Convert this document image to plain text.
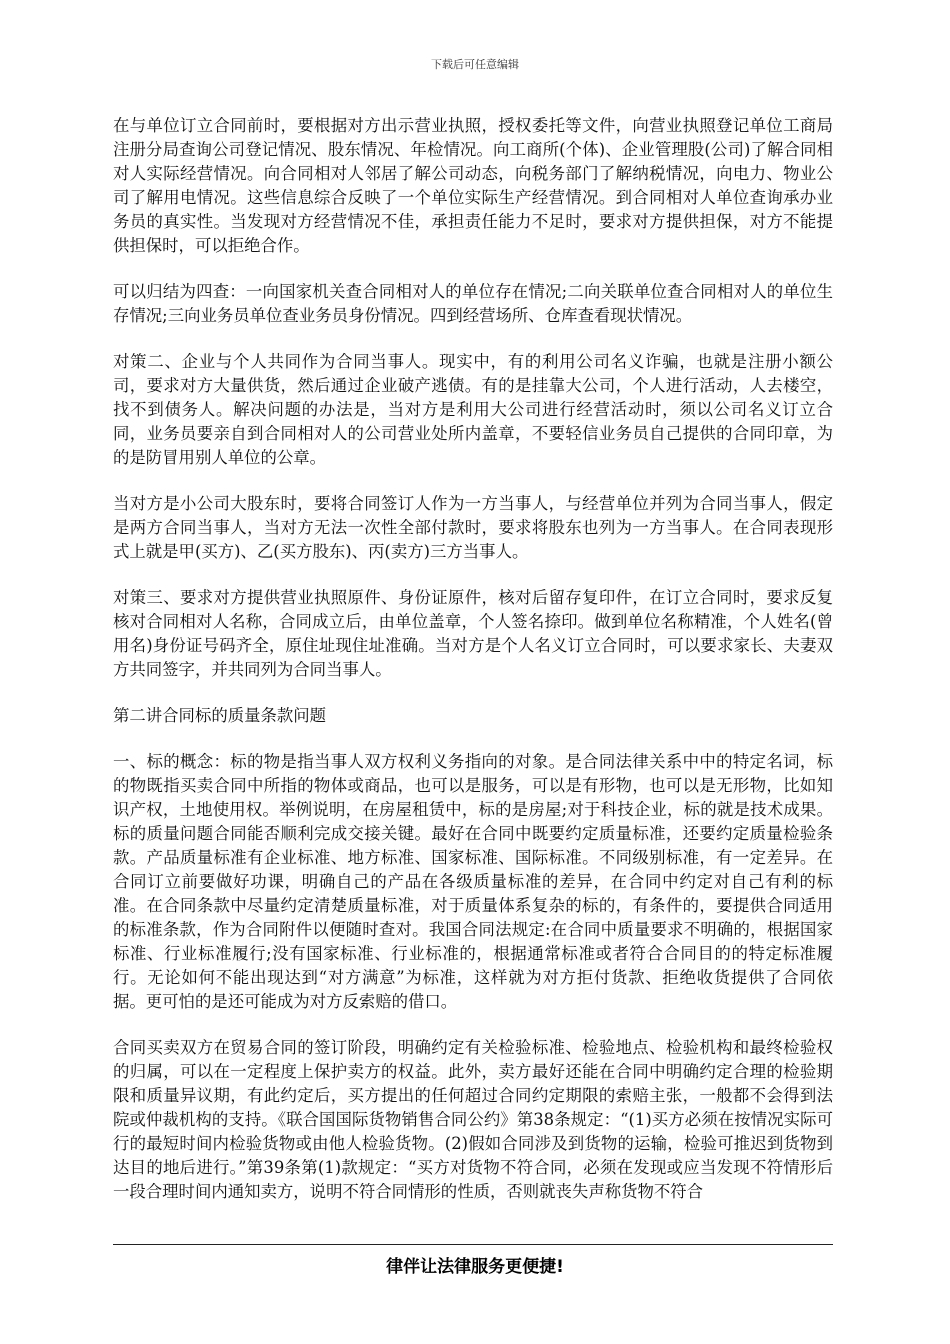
下载后可任意编辑

在与单位订立合同前时，要根据对方出示营业执照，授权委托等文件，向营业执照登记单位工商局注册分局查询公司登记情况、股东情况、年检情况。向工商所(个体)、企业管理股(公司)了解合同相对人实际经营情况。向合同相对人邻居了解公司动态，向税务部门了解纳税情况，向电力、物业公司了解用电情况。这些信息综合反映了一个单位实际生产经营情况。到合同相对人单位查询承办业务员的真实性。当发现对方经营情况不佳，承担责任能力不足时，要求对方提供担保，对方不能提供担保时，可以拒绝合作。

可以归结为四查：一向国家机关查合同相对人的单位存在情况;二向关联单位查合同相对人的单位生存情况;三向业务员单位查业务员身份情况。四到经营场所、仓库查看现状情况。

对策二、企业与个人共同作为合同当事人。现实中，有的利用公司名义诈骗，也就是注册小额公司，要求对方大量供货，然后通过企业破产逃债。有的是挂靠大公司，个人进行活动，人去楼空，找不到债务人。解决问题的办法是，当对方是利用大公司进行经营活动时，须以公司名义订立合同，业务员要亲自到合同相对人的公司营业处所内盖章，不要轻信业务员自己提供的合同印章，为的是防冒用别人单位的公章。

当对方是小公司大股东时，要将合同签订人作为一方当事人，与经营单位并列为合同当事人，假定是两方合同当事人，当对方无法一次性全部付款时，要求将股东也列为一方当事人。在合同表现形式上就是甲(买方)、乙(买方股东)、丙(卖方)三方当事人。

对策三、要求对方提供营业执照原件、身份证原件，核对后留存复印件，在订立合同时，要求反复核对合同相对人名称，合同成立后，由单位盖章，个人签名捺印。做到单位名称精准，个人姓名(曾用名)身份证号码齐全，原住址现住址准确。当对方是个人名义订立合同时，可以要求家长、夫妻双方共同签字，并共同列为合同当事人。

第二讲合同标的质量条款问题

一、标的概念：标的物是指当事人双方权利义务指向的对象。是合同法律关系中中的特定名词，标的物既指买卖合同中所指的物体或商品，也可以是服务，可以是有形物，也可以是无形物，比如知识产权，土地使用权。举例说明，在房屋租赁中，标的是房屋;对于科技企业，标的就是技术成果。标的质量问题合同能否顺利完成交接关键。最好在合同中既要约定质量标准，还要约定质量检验条款。产品质量标准有企业标准、地方标准、国家标准、国际标准。不同级别标准，有一定差异。在合同订立前要做好功课，明确自己的产品在各级质量标准的差异，在合同中约定对自己有利的标准。在合同条款中尽量约定清楚质量标准，对于质量体系复杂的标的，有条件的，要提供合同适用的标准条款，作为合同附件以便随时查对。我国合同法规定:在合同中质量要求不明确的，根据国家标准、行业标准履行;没有国家标准、行业标准的，根据通常标准或者符合合同目的的特定标准履行。无论如何不能出现达到“对方满意”为标准，这样就为对方拒付货款、拒绝收货提供了合同依据。更可怕的是还可能成为对方反索赔的借口。

合同买卖双方在贸易合同的签订阶段，明确约定有关检验标准、检验地点、检验机构和最终检验权的归属，可以在一定程度上保护卖方的权益。此外，卖方最好还能在合同中明确约定合理的检验期限和质量异议期，有此约定后，买方提出的任何超过合同约定期限的索赔主张，一般都不会得到法院或仲裁机构的支持。《联合国国际货物销售合同公约》第38条规定：“(1)买方必须在按情况实际可行的最短时间内检验货物或由他人检验货物。(2)假如合同涉及到货物的运输，检验可推迟到货物到达目的地后进行。”第39条第(1)款规定：“买方对货物不符合同，必须在发现或应当发现不符情形后一段合理时间内通知卖方，说明不符合同情形的性质，否则就丧失声称货物不符合

律伴让法律服务更便捷!
